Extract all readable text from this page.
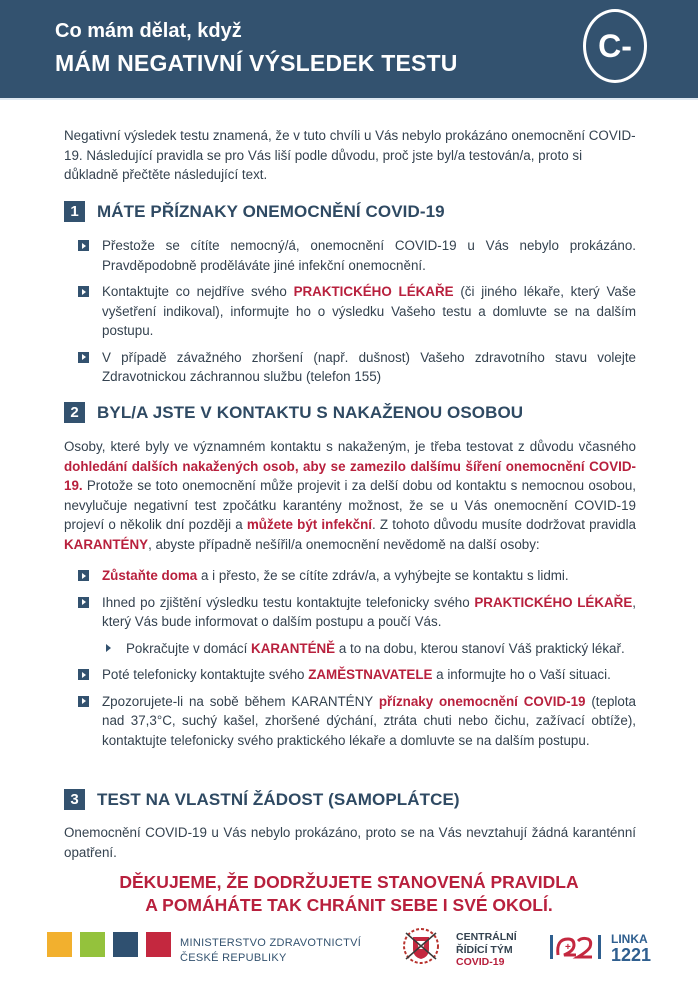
Co mám dělat, když
MÁM NEGATIVNÍ VÝSLEDEK TESTU	C-
Negativní výsledek testu znamená, že v tuto chvíli u Vás nebylo prokázáno onemocnění COVID-19. Následující pravidla se pro Vás liší podle důvodu, proč jste byl/a testován/a, proto si důkladně přečtěte následující text.
1	MÁTE PŘÍZNAKY ONEMOCNĚNÍ COVID-19
Přestože se cítíte nemocný/á, onemocnění COVID-19 u Vás nebylo prokázáno. Pravděpodobně proděláváte jiné infekční onemocnění.
Kontaktujte co nejdříve svého PRAKTICKÉHO LÉKAŘE (či jiného lékaře, který Vaše vyšetření indikoval), informujte ho o výsledku Vašeho testu a domluvte se na dalším postupu.
V případě závažného zhoršení (např. dušnost) Vašeho zdravotního stavu volejte Zdravotnickou záchrannou službu (telefon 155)
2	BYL/A JSTE V KONTAKTU S NAKAŽENOU OSOBOU
Osoby, které byly ve významném kontaktu s nakaženým, je třeba testovat z důvodu včasného dohledání dalších nakažených osob, aby se zamezilo dalšímu šíření onemocnění COVID-19. Protože se toto onemocnění může projevit i za delší dobu od kontaktu s nemocnou osobou, nevylučuje negativní test zpočátku karantény možnost, že se u Vás onemocnění COVID-19 projeví o několik dní později a můžete být infekční. Z tohoto důvodu musíte dodržovat pravidla KARANTÉNY, abyste případně nešířil/a onemocnění nevědomě na další osoby:
Zůstaňte doma a i přesto, že se cítíte zdráv/a, a vyhýbejte se kontaktu s lidmi.
Ihned po zjištění výsledku testu kontaktujte telefonicky svého PRAKTICKÉHO LÉKAŘE, který Vás bude informovat o dalším postupu a poučí Vás.
Pokračujte v domácí KARANTÉNĚ a to na dobu, kterou stanoví Váš praktický lékař.
Poté telefonicky kontaktujte svého ZAMĚSTNAVATELE a informujte ho o Vaší situaci.
Zpozorujete-li na sobě během KARANTÉNY příznaky onemocnění COVID-19 (teplota nad 37,3°C, suchý kašel, zhoršené dýchání, ztráta chuti nebo čichu, zažívací obtíže), kontaktujte telefonicky svého praktického lékaře a domluvte se na dalším postupu.
3	TEST NA VLASTNÍ ŽÁDOST (SAMOPLÁTCE)
Onemocnění COVID-19 u Vás nebylo prokázáno, proto se na Vás nevztahují žádná karanténní opatření.
DĚKUJEME, ŽE DODRŽUJETE STANOVENÁ PRAVIDLA
A POMÁHÁTE TAK CHRÁNIT SEBE I SVÉ OKOLÍ.
MINISTERSTVO ZDRAVOTNICTVÍ
ČESKÉ REPUBLIKY
CENTRÁLNÍ
ŘÍDÍCÍ TÝM
COVID-19
+
LINKA
1221
